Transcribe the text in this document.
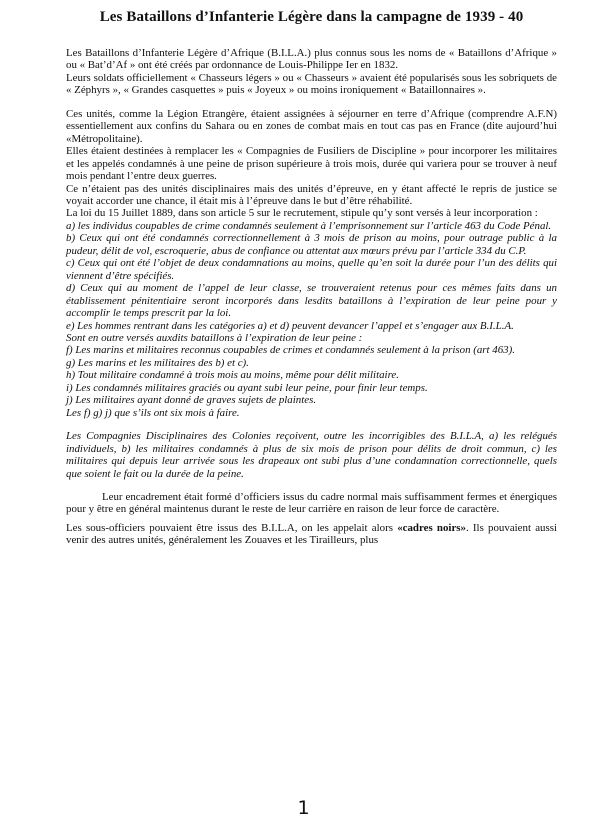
Les Bataillons d’Infanterie Légère dans la campagne de 1939 - 40

Les Bataillons d’Infanterie Légère d’Afrique (B.I.L.A.) plus connus sous les noms de « Bataillons d’Afrique » ou « Bat’d’Af » ont été créés par ordonnance de Louis-Philippe Ier en 1832.

Leurs soldats officiellement « Chasseurs légers » ou « Chasseurs » avaient été popularisés sous les sobriquets de « Zéphyrs », « Grandes casquettes » puis « Joyeux » ou moins ironiquement « Bataillonnaires ».

Ces unités, comme la Légion Etrangère, étaient assignées à séjourner en terre d’Afrique (comprendre A.F.N) essentiellement aux confins du Sahara ou en zones de combat mais en tout cas pas en France (dite aujourd’hui «Métropolitaine).

Elles étaient destinées à remplacer les « Compagnies de Fusiliers de Discipline » pour incorporer les militaires et les appelés condamnés à une peine de prison supérieure à trois mois, durée qui variera pour se trouver à neuf mois pendant l’entre deux guerres.

Ce n’étaient pas des unités disciplinaires mais des unités d’épreuve, en y étant affecté le repris de justice se voyait accorder une chance, il était mis à l’épreuve dans le but d’être réhabilité.

La loi du 15 Juillet 1889, dans son article 5 sur le recrutement, stipule qu’y sont versés à leur incorporation :

a) les individus coupables de crime condamnés seulement à l’emprisonnement sur l’article 463 du Code Pénal.

b) Ceux qui ont été condamnés correctionnellement à 3 mois de prison au moins, pour outrage public à la pudeur, délit de vol, escroquerie, abus de confiance ou attentat aux mœurs prévu par l’article 334 du C.P.

c) Ceux qui ont été l’objet de deux condamnations au moins, quelle qu’en soit la durée pour l’un des délits qui viennent d’être spécifiés.

d) Ceux qui au moment de l’appel de leur classe, se trouveraient retenus pour ces mêmes faits dans un établissement pénitentiaire seront incorporés dans lesdits bataillons à l’expiration de leur peine pour y accomplir le temps prescrit par la loi.

e) Les hommes rentrant dans les catégories a) et d) peuvent devancer l’appel et s’engager aux B.I.L.A.

Sont en outre versés auxdits bataillons à l’expiration de leur peine :

f) Les marins et militaires reconnus coupables de crimes et condamnés seulement à la prison (art 463).

g) Les marins et les militaires des b) et c).

h) Tout militaire condamné à trois mois au moins, même pour délit militaire.

i) Les condamnés militaires graciés ou ayant subi leur peine, pour finir leur temps.

j) Les militaires ayant donné de graves sujets de plaintes.

Les f) g) j) que s’ils ont six mois à faire.

Les Compagnies Disciplinaires des Colonies reçoivent, outre les incorrigibles des B.I.L.A, a) les relégués individuels, b) les militaires condamnés à plus de six mois de prison pour délits de droit commun, c) les militaires qui depuis leur arrivée sous les drapeaux ont subi plus d’une condamnation correctionnelle, quels que soient le fait ou la durée de la peine.

Leur encadrement était formé d’officiers issus du cadre normal mais suffisamment fermes et énergiques pour y être en général maintenus durant le reste de leur carrière en raison de leur force de caractère.

Les sous-officiers pouvaient être issus des B.I.L.A, on les appelait alors «cadres noirs». Ils pouvaient aussi venir des autres unités, généralement les Zouaves et les Tirailleurs, plus

1
